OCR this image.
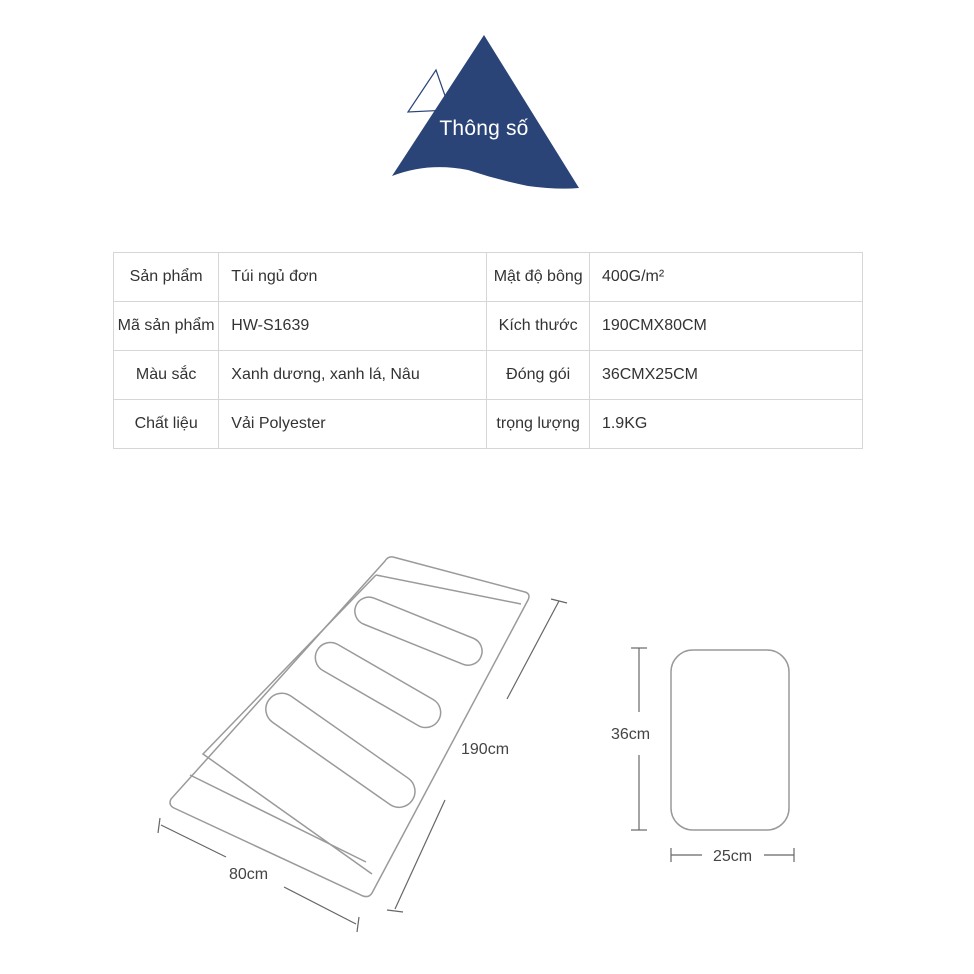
Thông số
Sản phẩm	Túi ngủ đơn	Mật độ bông	400G/m²
Mã sản phẩm	HW-S1639	Kích thước	190CMX80CM
Màu sắc	Xanh dương, xanh lá, Nâu	Đóng gói	36CMX25CM
Chất liệu	Vải Polyester	trọng lượng	1.9KG
190cm
80cm
36cm
25cm
